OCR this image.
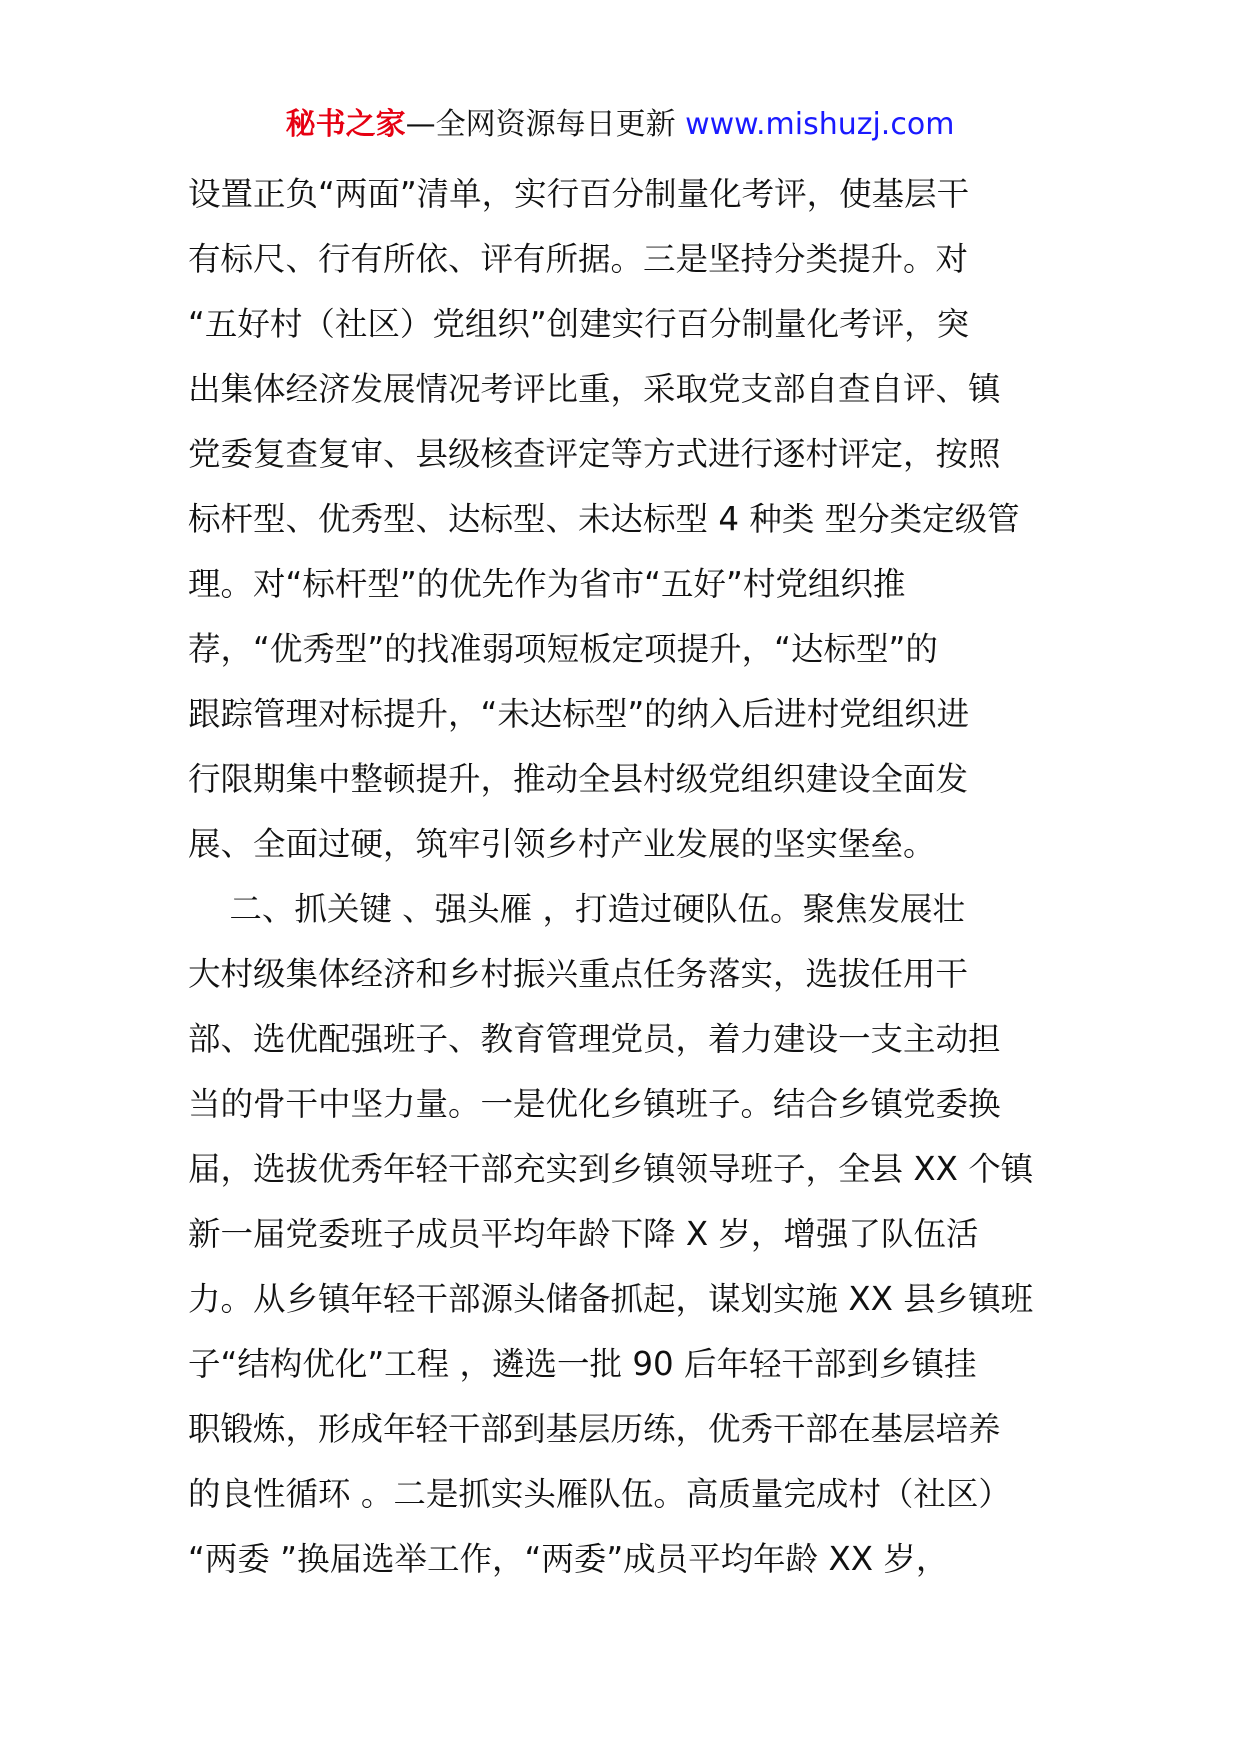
秘书之家—全网资源每日更新 www.mishuzj.com
设置正负“两面”清单，实行百分制量化考评，使基层干
有标尺、行有所依、评有所据。三是坚持分类提升。对
“五好村（社区）党组织”创建实行百分制量化考评，突
出集体经济发展情况考评比重，采取党支部自查自评、镇
党委复查复审、县级核查评定等方式进行逐村评定，按照
标杆型、优秀型、达标型、未达标型 4 种类 型分类定级管
理。对“标杆型”的优先作为省市“五好”村党组织推
荐，“优秀型”的找准弱项短板定项提升，“达标型”的
跟踪管理对标提升，“未达标型”的纳入后进村党组织进
行限期集中整顿提升，推动全县村级党组织建设全面发
展、全面过硬，筑牢引领乡村产业发展的坚实堡垒。
二、抓关键 、强头雁 ，打造过硬队伍。聚焦发展壮
大村级集体经济和乡村振兴重点任务落实，选拔任用干
部、选优配强班子、教育管理党员，着力建设一支主动担
当的骨干中坚力量。一是优化乡镇班子。结合乡镇党委换
届，选拔优秀年轻干部充实到乡镇领导班子，全县 XX 个镇
新一届党委班子成员平均年龄下降 X 岁，增强了队伍活
力。从乡镇年轻干部源头储备抓起，谋划实施 XX 县乡镇班
子“结构优化”工程 ，遴选一批 90 后年轻干部到乡镇挂
职锻炼，形成年轻干部到基层历练，优秀干部在基层培养
的良性循环 。二是抓实头雁队伍。高质量完成村（社区）
“两委 ”换届选举工作，“两委”成员平均年龄 XX 岁，
